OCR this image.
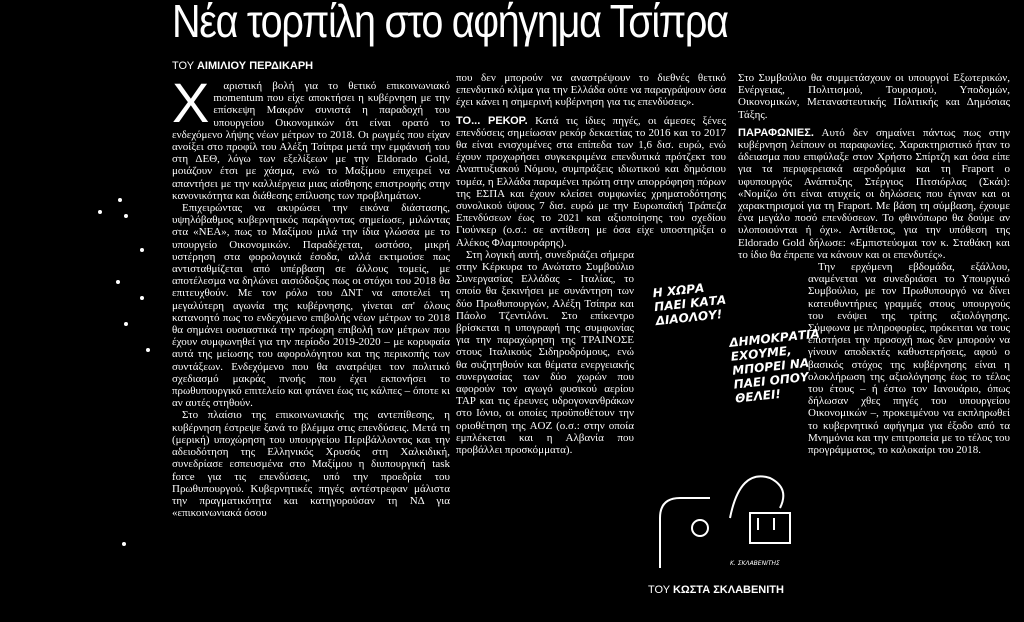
Νέα τορπίλη στο αφήγημα Τσίπρα
ΤΟΥ ΑΙΜΙΛΙΟΥ ΠΕΡΔΙΚΑΡΗ

Χ αριστική βολή για το θετικό επικοινωνιακό momentum που είχε αποκτήσει η κυβέρνηση με την επίσκεψη Μακρόν συνιστά η παραδοχή του υπουργείου Οικονομικών ότι είναι ορατό το ενδεχόμενο λήψης νέων μέτρων το 2018. Οι ρωγμές που είχαν ανοίξει στο προφίλ του Αλέξη Τσίπρα μετά την εμφάνισή του στη ΔΕΘ, λόγω των εξελίξεων με την Eldorado Gold, μοιάζουν έτσι με χάσμα, ενώ το Μαξίμου επιχειρεί να απαντήσει με την καλλιέργεια μιας αίσθησης επιστροφής στην κανονικότητα και διάθεσης επίλυσης των προβλημάτων.

Επιχειρώντας να ακυρώσει την εικόνα διάστασης, υψηλόβαθμος κυβερνητικός παράγοντας σημείωσε, μιλώντας στα «ΝΕΑ», πως το Μαξίμου μιλά την ίδια γλώσσα με το υπουργείο Οικονομικών. Παραδέχεται, ωστόσο, μικρή υστέρηση στα φορολογικά έσοδα, αλλά εκτιμούσε πως αντισταθμίζεται από υπέρβαση σε άλλους τομείς, με αποτέλεσμα να δηλώνει αισιόδοξος πως οι στόχοι του 2018 θα επιτευχθούν. Με τον ρόλο του ΔΝΤ να αποτελεί τη μεγαλύτερη αγωνία της κυβέρνησης, γίνεται απ' όλους κατανοητό πως το ενδεχόμενο επιβολής νέων μέτρων το 2018 θα σημάνει ουσιαστικά την πρόωρη επιβολή των μέτρων που έχουν συμφωνηθεί για την περίοδο 2019-2020 – με κορυφαία αυτά της μείωσης του αφορολόγητου και της περικοπής των συντάξεων. Ενδεχόμενο που θα ανατρέψει τον πολιτικό σχεδιασμό μακράς πνοής που έχει εκπονήσει το πρωθυπουργικό επιτελείο και φτάνει έως τις κάλπες – όποτε κι αν αυτές στηθούν.

Στο πλαίσιο της επικοινωνιακής της αντεπίθεσης, η κυβέρνηση έστρεψε ξανά το βλέμμα στις επενδύσεις. Μετά τη (μερική) υποχώρηση του υπουργείου Περιβάλλοντος και την αδειοδότηση της Ελληνικός Χρυσός στη Χαλκιδική, συνεδρίασε εσπευσμένα στο Μαξίμου η διυπουργική task force για τις επενδύσεις, υπό την προεδρία του Πρωθυπουργού. Κυβερνητικές πηγές αντέστρεφαν μάλιστα την πραγματικότητα και κατηγορούσαν τη ΝΔ για «επικοινωνιακά όσου

που δεν μπορούν να αναστρέψουν το διεθνές θετικό επενδυτικό κλίμα για την Ελλάδα ούτε να παραγράψουν όσα έχει κάνει η σημερινή κυβέρνηση για τις επενδύσεις».

ΤΟ... ΡΕΚΟΡ. Κατά τις ίδιες πηγές, οι άμεσες ξένες επενδύσεις σημείωσαν ρεκόρ δεκαετίας το 2016 και το 2017 θα είναι ενισχυμένες στα επίπεδα των 1,6 δισ. ευρώ, ενώ έχουν προχωρήσει συγκεκριμένα επενδυτικά πρότζεκτ του Αναπτυξιακού Νόμου, συμπράξεις ιδιωτικού και δημόσιου τομέα, η Ελλάδα παραμένει πρώτη στην απορρόφηση πόρων της ΕΣΠΑ και έχουν κλείσει συμφωνίες χρηματοδότησης συνολικού ύψους 7 δισ. ευρώ με την Ευρωπαϊκή Τράπεζα Επενδύσεων έως το 2021 και αξιοποίησης του σχεδίου Γιούνκερ (ο.σ.: σε αντίθεση με όσα είχε υποστηρίξει ο Αλέκος Φλαμπουράρης).

Στη λογική αυτή, συνεδριάζει σήμερα στην Κέρκυρα το Ανώτατο Συμβούλιο Συνεργασίας Ελλάδας - Ιταλίας, το οποίο θα ξεκινήσει με συνάντηση των δύο Πρωθυπουργών, Αλέξη Τσίπρα και Πάολο Τζεντιλόνι. Στο επίκεντρο βρίσκεται η υπογραφή της συμφωνίας για την παραχώρηση της ΤΡΑΙΝΟΣΕ στους Ιταλικούς Σιδηροδρόμους, ενώ θα συζητηθούν και θέματα ενεργειακής συνεργασίας των δύο χωρών που αφορούν τον αγωγό φυσικού αερίου TAP και τις έρευνες υδρογονανθράκων στο Ιόνιο, οι οποίες προϋποθέτουν την οριοθέτηση της AOZ (ο.σ.: στην οποία εμπλέκεται και η Αλβανία που προβάλλει προσκόμματα).

Στο Συμβούλιο θα συμμετάσχουν οι υπουργοί Εξωτερικών, Ενέργειας, Πολιτισμού, Τουρισμού, Υποδομών, Οικονομικών, Μεταναστευτικής Πολιτικής και Δημόσιας Τάξης.

ΠΑΡΑΦΩΝΙΕΣ. Αυτό δεν σημαίνει πάντως πως στην κυβέρνηση λείπουν οι παραφωνίες. Χαρακτηριστικό ήταν το άδειασμα που επιφύλαξε στον Χρήστο Σπίρτζη και όσα είπε για τα περιφερειακά αεροδρόμια και τη Fraport ο υφυπουργός Ανάπτυξης Στέργιος Πιτσιόρλας (Σκάι): «Νομίζω ότι είναι ατυχείς οι δηλώσεις που έγιναν και οι χαρακτηρισμοί για τη Fraport. Με βάση τη σύμβαση, έχουμε ένα μεγάλο ποσό επενδύσεων. Το φθινόπωρο θα δούμε αν υλοποιούνται ή όχι». Αντίθετος, για την υπόθεση της Eldorado Gold δήλωσε: «Εμπιστεύομαι τον κ. Σταθάκη και το ίδιο θα έπρεπε να κάνουν και οι επενδυτές».

Την ερχόμενη εβδομάδα, εξάλλου, αναμένεται να συνεδριάσει το Υπουργικό Συμβούλιο, με τον Πρωθυπουργό να δίνει κατευθυντήριες γραμμές στους υπουργούς του ενόψει της τρίτης αξιολόγησης. Σύμφωνα με πληροφορίες, πρόκειται να τους επιστήσει την προσοχή πως δεν μπορούν να γίνουν αποδεκτές καθυστερήσεις, αφού ο βασικός στόχος της κυβέρνησης είναι η ολοκλήρωση της αξιολόγησης έως το τέλος του έτους – ή έστω τον Ιανουάριο, όπως δήλωσαν χθες πηγές του υπουργείου Οικονομικών –, προκειμένου να εκπληρωθεί το κυβερνητικό αφήγημα για έξοδο από τα Μνημόνια και την επιτροπεία με το τέλος του προγράμματος, το καλοκαίρι του 2018.

Η ΧΩΡΑ ΠΑΕΙ ΚΑΤΑ ΔΙΑΟΛΟΥ!
ΔΗΜΟΚΡΑΤΙΑ ΕΧΟΥΜΕ, ΜΠΟΡΕΙ ΝΑ ΠΑΕΙ ΟΠΟΥ ΘΕΛΕΙ!
Κ. ΣΚΛΑΒΕΝΙΤΗΣ
ΤΟΥ ΚΩΣΤΑ ΣΚΛΑΒΕΝΙΤΗ
